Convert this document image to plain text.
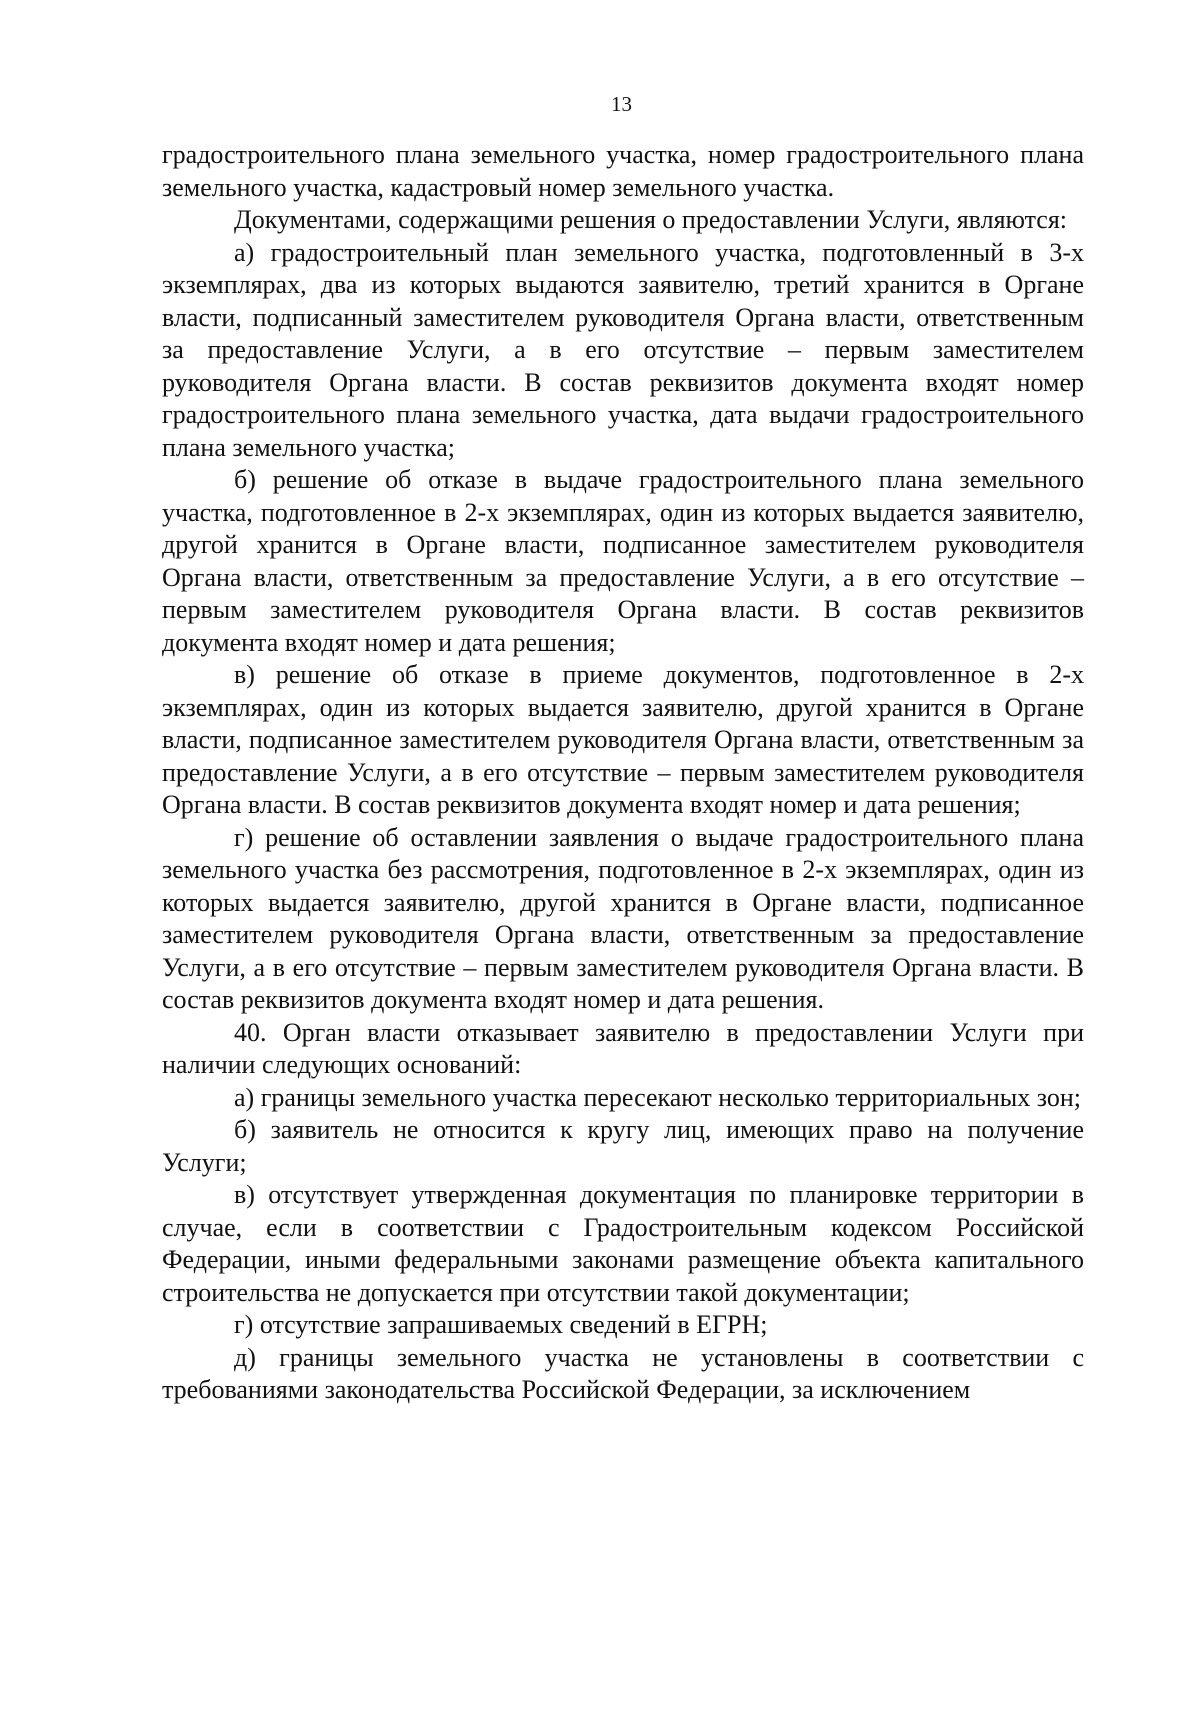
13

градостроительного плана земельного участка, номер градостроительного плана земельного участка, кадастровый номер земельного участка.

Документами, содержащими решения о предоставлении Услуги, являются:

а) градостроительный план земельного участка, подготовленный в 3-х экземплярах, два из которых выдаются заявителю, третий хранится в Органе власти, подписанный заместителем руководителя Органа власти, ответственным за предоставление Услуги, а в его отсутствие – первым заместителем руководителя Органа власти. В состав реквизитов документа входят номер градостроительного плана земельного участка, дата выдачи градостроительного плана земельного участка;

б) решение об отказе в выдаче градостроительного плана земельного участка, подготовленное в 2-х экземплярах, один из которых выдается заявителю, другой хранится в Органе власти, подписанное заместителем руководителя Органа власти, ответственным за предоставление Услуги, а в его отсутствие – первым заместителем руководителя Органа власти. В состав реквизитов документа входят номер и дата решения;

в) решение об отказе в приеме документов, подготовленное в 2-х экземплярах, один из которых выдается заявителю, другой хранится в Органе власти, подписанное заместителем руководителя Органа власти, ответственным за предоставление Услуги, а в его отсутствие – первым заместителем руководителя Органа власти. В состав реквизитов документа входят номер и дата решения;

г) решение об оставлении заявления о выдаче градостроительного плана земельного участка без рассмотрения, подготовленное в 2-х экземплярах, один из которых выдается заявителю, другой хранится в Органе власти, подписанное заместителем руководителя Органа власти, ответственным за предоставление Услуги, а в его отсутствие – первым заместителем руководителя Органа власти. В состав реквизитов документа входят номер и дата решения.

40. Орган власти отказывает заявителю в предоставлении Услуги при наличии следующих оснований:

а) границы земельного участка пересекают несколько территориальных зон;

б) заявитель не относится к кругу лиц, имеющих право на получение Услуги;

в) отсутствует утвержденная документация по планировке территории в случае, если в соответствии с Градостроительным кодексом Российской Федерации, иными федеральными законами размещение объекта капитального строительства не допускается при отсутствии такой документации;

г) отсутствие запрашиваемых сведений в ЕГРН;

д) границы земельного участка не установлены в соответствии с требованиями законодательства Российской Федерации, за исключением
